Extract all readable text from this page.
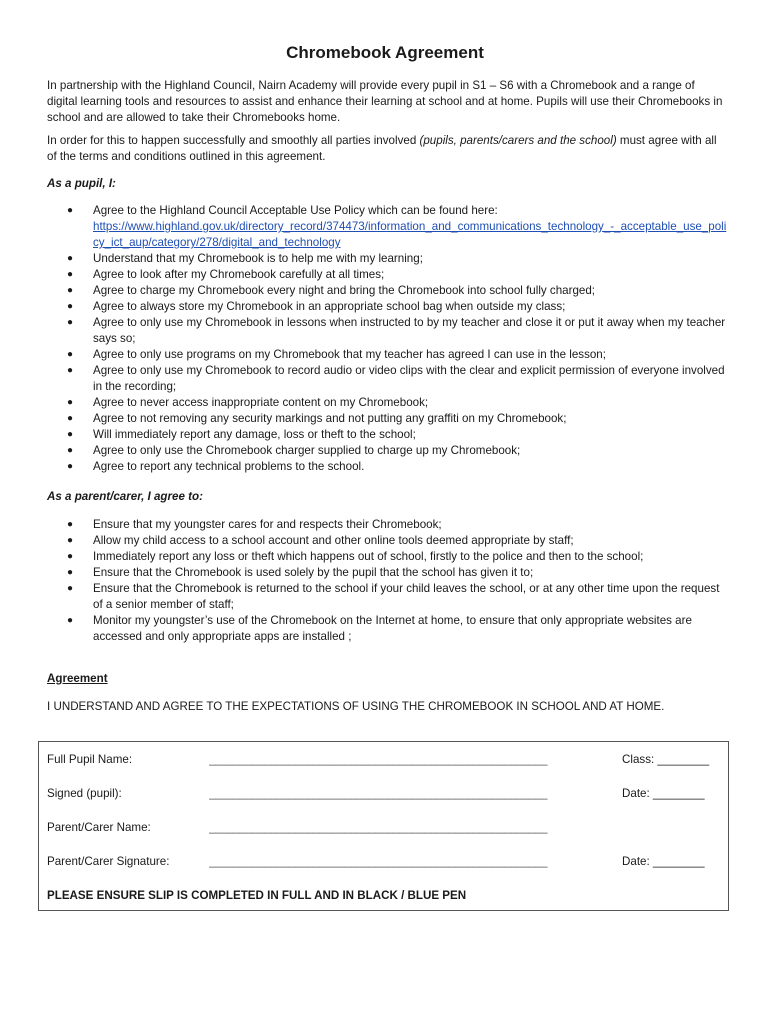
Chromebook Agreement

In partnership with the Highland Council, Nairn Academy will provide every pupil in S1 – S6 with a Chromebook and a range of digital learning tools and resources to assist and enhance their learning at school and at home. Pupils will use their Chromebooks in school and are allowed to take their Chromebooks home.

In order for this to happen successfully and smoothly all parties involved (pupils, parents/carers and the school) must agree with all of the terms and conditions outlined in this agreement.

As a pupil, I:

● Agree to the Highland Council Acceptable Use Policy which can be found here:
https://www.highland.gov.uk/directory_record/374473/information_and_communications_technology_-_acceptable_use_policy_ict_aup/category/278/digital_and_technology
● Understand that my Chromebook is to help me with my learning;
● Agree to look after my Chromebook carefully at all times;
● Agree to charge my Chromebook every night and bring the Chromebook into school fully charged;
● Agree to always store my Chromebook in an appropriate school bag when outside my class;
● Agree to only use my Chromebook in lessons when instructed to by my teacher and close it or put it away when my teacher says so;
● Agree to only use programs on my Chromebook that my teacher has agreed I can use in the lesson;
● Agree to only use my Chromebook to record audio or video clips with the clear and explicit permission of everyone involved in the recording;
● Agree to never access inappropriate content on my Chromebook;
● Agree to not removing any security markings and not putting any graffiti on my Chromebook;
● Will immediately report any damage, loss or theft to the school;
● Agree to only use the Chromebook charger supplied to charge up my Chromebook;
● Agree to report any technical problems to the school.

As a parent/carer, I agree to:

● Ensure that my youngster cares for and respects their Chromebook;
● Allow my child access to a school account and other online tools deemed appropriate by staff;
● Immediately report any loss or theft which happens out of school, firstly to the police and then to the school;
● Ensure that the Chromebook is used solely by the pupil that the school has given it to;
● Ensure that the Chromebook is returned to the school if your child leaves the school, or at any other time upon the request of a senior member of staff;
● Monitor my youngster’s use of the Chromebook on the Internet at home, to ensure that only appropriate websites are accessed and only appropriate apps are installed ;

Agreement

I UNDERSTAND AND AGREE TO THE EXPECTATIONS OF USING THE CHROMEBOOK IN SCHOOL AND AT HOME.

Full Pupil Name:	_______________________________________________________	Class: ________
Signed (pupil):	_______________________________________________________	Date: ________
Parent/Carer Name:	_______________________________________________________
Parent/Carer Signature:	_______________________________________________________	Date: ________
PLEASE ENSURE SLIP IS COMPLETED IN FULL AND IN BLACK / BLUE PEN
